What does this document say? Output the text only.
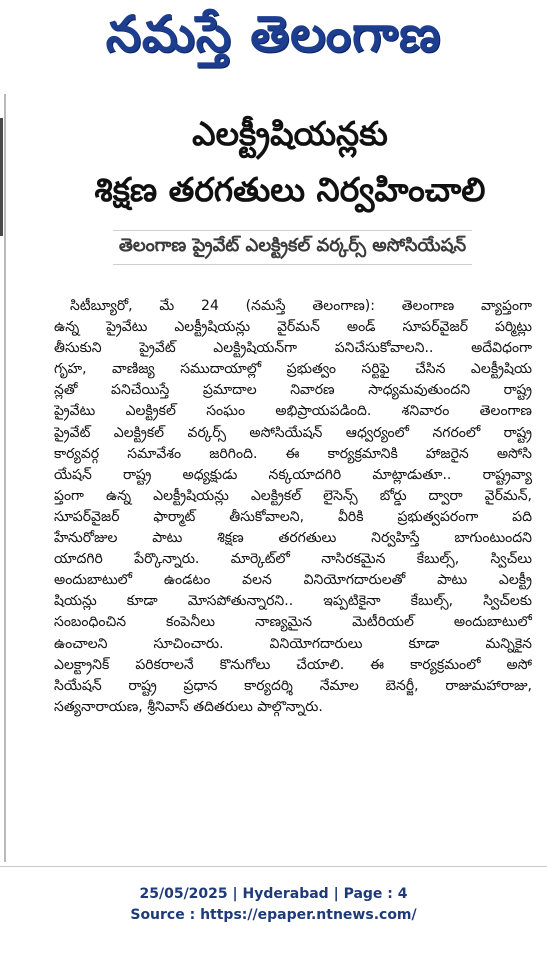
నమస్తే తెలంగాణ
ఎలక్ట్రీషియన్లకు
శిక్షణ తరగతులు నిర్వహించాలి
తెలంగాణ ప్రైవేట్ ఎలక్ట్రికల్ వర్కర్స్ అసోసియేషన్
సిటీబ్యూరో, మే 24 (నమస్తే తెలంగాణ): తెలంగాణ వ్యాప్తంగా
ఉన్న ప్రైవేటు ఎలక్ట్రీషియన్లు వైర్‌మన్ అండ్ సూపర్‌వైజర్ పర్మిట్లు
తీసుకుని ప్రైవేట్ ఎలక్ట్రిషియన్‌గా పనిచేసుకోవాలని.. అదేవిధంగా
గృహ, వాణిజ్య సముదాయాల్లో ప్రభుత్వం సర్టిఫై చేసిన ఎలక్ట్రీషియ
న్లతో పనిచేయిస్తే ప్రమాదాల నివారణ సాధ్యమవుతుందని రాష్ట్ర
ప్రైవేటు ఎలక్ట్రికల్ సంఘం అభిప్రాయపడింది. శనివారం తెలంగాణ
ప్రైవేట్ ఎలక్ట్రికల్ వర్కర్స్ అసోసియేషన్ ఆధ్వర్యంలో నగరంలో రాష్ట్ర
కార్యవర్గ సమావేశం జరిగింది. ఈ కార్యక్రమానికి హాజరైన అసోసి
యేషన్ రాష్ట్ర అధ్యక్షుడు నక్కయాదగిరి మాట్లాడుతూ.. రాష్ట్రవ్యా
ప్తంగా ఉన్న ఎలక్ట్రీషియన్లు ఎలక్ట్రికల్ లైసెన్స్ బోర్డు ద్వారా వైర్‌మన్,
సూపర్‌వైజర్ ఫార్మాట్ తీసుకోవాలని, వీరికి ప్రభుత్వపరంగా పది
హేనురోజుల పాటు శిక్షణ తరగతులు నిర్వహిస్తే బాగుంటుందని
యాదగిరి పేర్కొన్నారు. మార్కెట్‌లో నాసిరకమైన కేబుల్స్, స్విచ్‌లు
అందుబాటులో ఉండటం వలన వినియోగదారులతో పాటు ఎలక్ట్రీ
షియన్లు కూడా మోసపోతున్నారని.. ఇప్పటికైనా కేబుల్స్, స్విచ్‌లకు
సంబంధించిన కంపెనీలు నాణ్యమైన మెటీరియల్ అందుబాటులో
ఉంచాలని సూచించారు. వినియోగదారులు కూడా మన్నికైన
ఎలక్ట్రానిక్ పరికరాలనే కొనుగోలు చేయాలి. ఈ కార్యక్రమంలో అసో
సియేషన్ రాష్ట్ర ప్రధాన కార్యదర్శి నేమాల బెనర్జీ, రాజుమహారాజు,
సత్యనారాయణ, శ్రీనివాస్ తదితరులు పాల్గొన్నారు.
25/05/2025 | Hyderabad | Page : 4
Source : https://epaper.ntnews.com/
